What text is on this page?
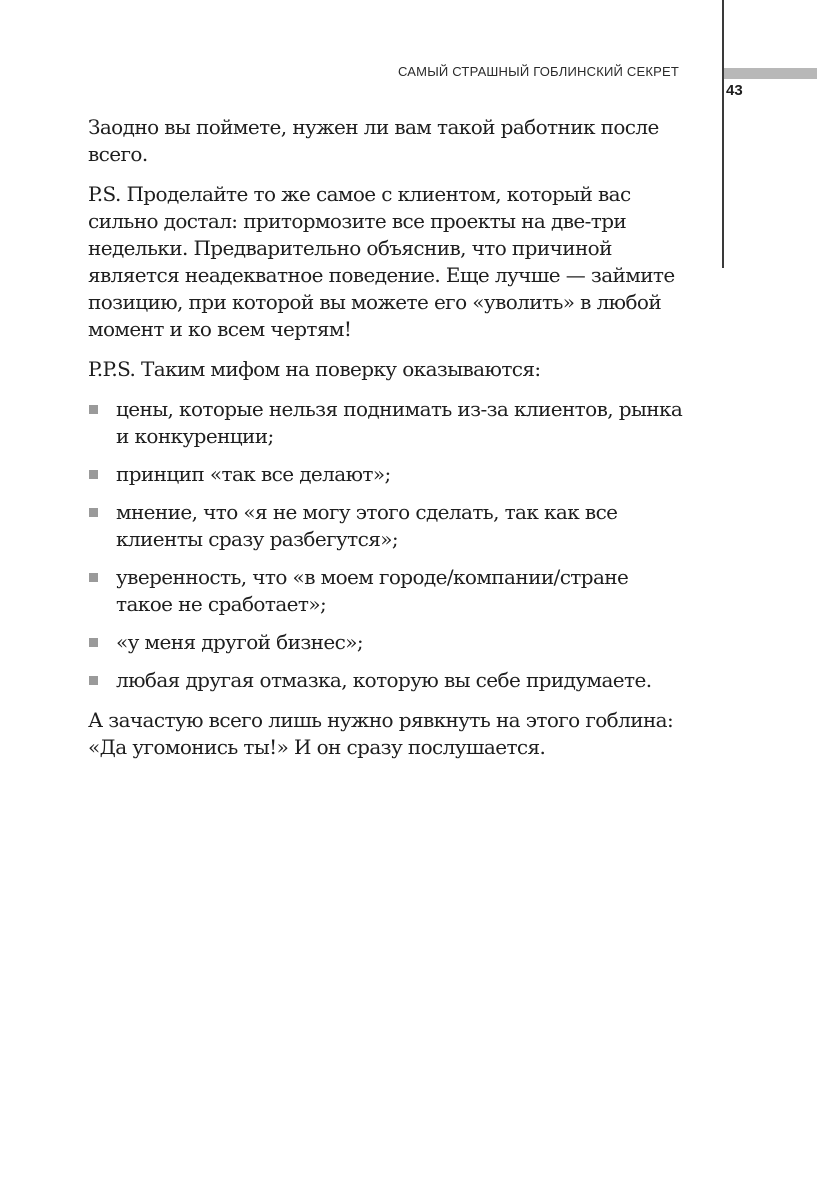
САМЫЙ СТРАШНЫЙ ГОБЛИНСКИЙ СЕКРЕТ
43

Заодно вы поймете, нужен ли вам такой работник после всего.

P.S. Проделайте то же самое с клиентом, который вас сильно достал: притормозите все проекты на две-три недельки. Предварительно объяснив, что причиной является неадекватное поведение. Еще лучше — займите позицию, при которой вы можете его «уволить» в любой момент и ко всем чертям!

P.P.S. Таким мифом на поверку оказываются:

цены, которые нельзя поднимать из-за клиентов, рынка и конкуренции;
принцип «так все делают»;
мнение, что «я не могу этого сделать, так как все клиенты сразу разбегутся»;
уверенность, что «в моем городе/компании/стране такое не сработает»;
«у меня другой бизнес»;
любая другая отмазка, которую вы себе придумаете.

А зачастую всего лишь нужно рявкнуть на этого гоблина: «Да угомонись ты!» И он сразу послушается.
